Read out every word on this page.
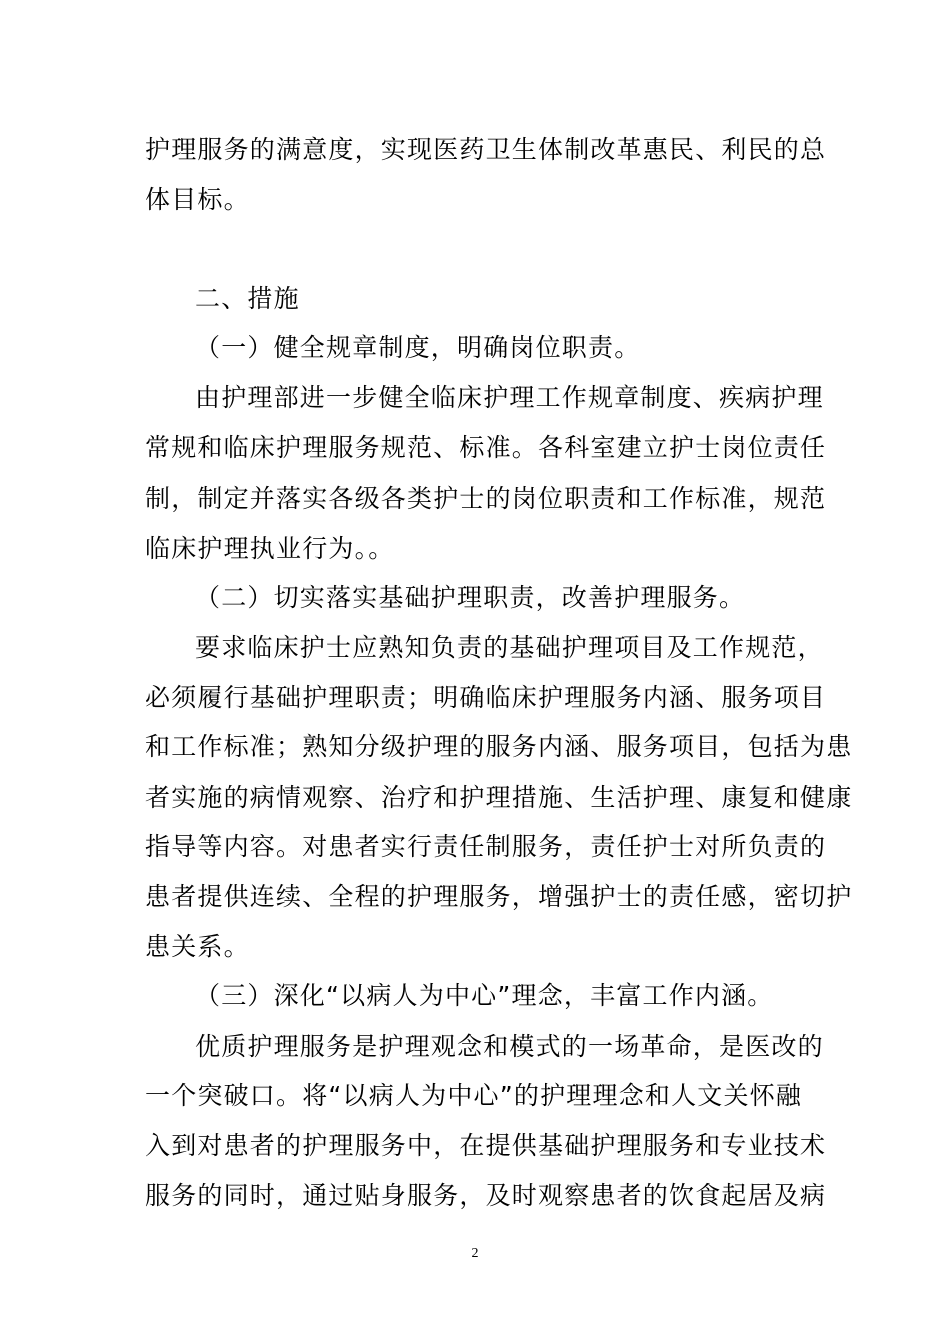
护理服务的满意度，实现医药卫生体制改革惠民、利民的总
体目标。
二、措施
（一）健全规章制度，明确岗位职责。
由护理部进一步健全临床护理工作规章制度、疾病护理
常规和临床护理服务规范、标准。各科室建立护士岗位责任
制，制定并落实各级各类护士的岗位职责和工作标准，规范
临床护理执业行为。。
（二）切实落实基础护理职责，改善护理服务。
要求临床护士应熟知负责的基础护理项目及工作规范，
必须履行基础护理职责；明确临床护理服务内涵、服务项目
和工作标准；熟知分级护理的服务内涵、服务项目，包括为患
者实施的病情观察、治疗和护理措施、生活护理、康复和健康
指导等内容。对患者实行责任制服务，责任护士对所负责的
患者提供连续、全程的护理服务，增强护士的责任感，密切护
患关系。
（三）深化“以病人为中心”理念，丰富工作内涵。
优质护理服务是护理观念和模式的一场革命，是医改的
一个突破口。将“以病人为中心”的护理理念和人文关怀融
入到对患者的护理服务中，在提供基础护理服务和专业技术
服务的同时，通过贴身服务，及时观察患者的饮食起居及病
2
